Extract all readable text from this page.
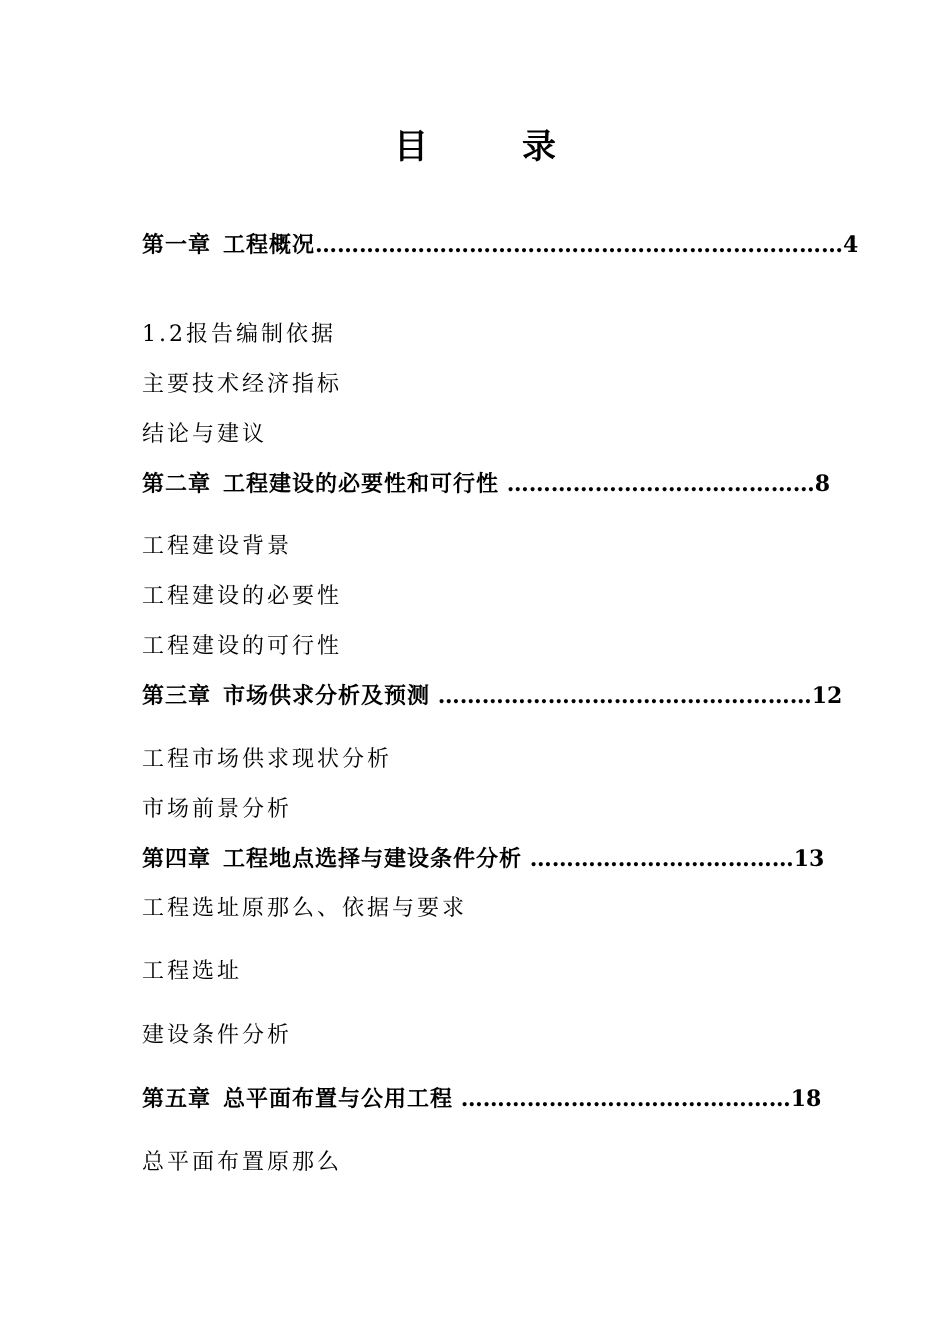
目　录
第一章 工程概况………………………………………………………………4
1.2报告编制依据
主要技术经济指标
结论与建议
第二章 工程建设的必要性和可行性 ……………………………………8
工程建设背景
工程建设的必要性
工程建设的可行性
第三章 市场供求分析及预测 ……………………………………………12
工程市场供求现状分析
市场前景分析
第四章 工程地点选择与建设条件分析 ………………………………13
工程选址原那么、依据与要求
工程选址
建设条件分析
第五章 总平面布置与公用工程 ………………………………………18
总平面布置原那么
